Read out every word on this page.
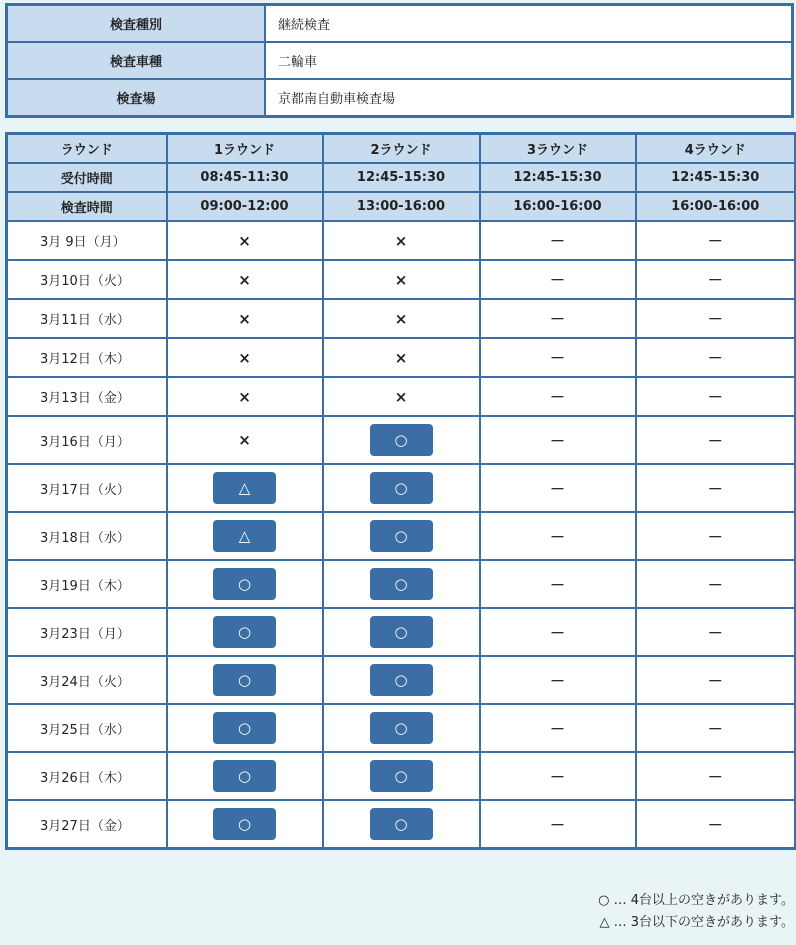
検査種別	継続検査
検査車種	二輪車
検査場	京都南自動車検査場
ラウンド	1ラウンド	2ラウンド	3ラウンド	4ラウンド
受付時間	08:45-11:30	12:45-15:30	12:45-15:30	12:45-15:30
検査時間	09:00-12:00	13:00-16:00	16:00-16:00	16:00-16:00
3月 9日（月）	×	×	－	－
3月10日（火）	×	×	－	－
3月11日（水）	×	×	－	－
3月12日（木）	×	×	－	－
3月13日（金）	×	×	－	－
3月16日（月）	×	○	－	－
3月17日（火）	△	○	－	－
3月18日（水）	△	○	－	－
3月19日（木）	○	○	－	－
3月23日（月）	○	○	－	－
3月24日（火）	○	○	－	－
3月25日（水）	○	○	－	－
3月26日（木）	○	○	－	－
3月27日（金）	○	○	－	－
○ … 4台以上の空きがあります。
△ … 3台以下の空きがあります。
